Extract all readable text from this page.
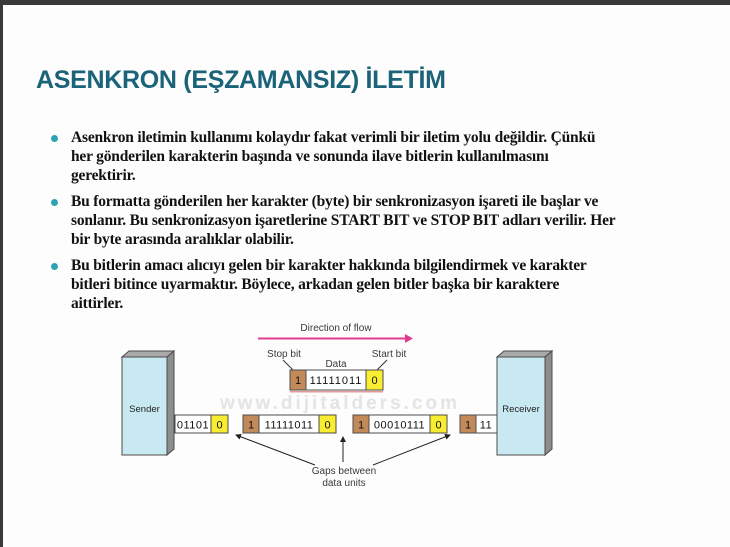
ASENKRON (EŞZAMANSIZ) İLETİM
Asenkron iletimin kullanımı kolaydır fakat verimli bir iletim yolu değildir. Çünkü
her gönderilen karakterin başında ve sonunda ilave bitlerin kullanılmasını
gerektirir.
Bu formatta gönderilen her karakter (byte) bir senkronizasyon işareti ile başlar ve
sonlanır. Bu senkronizasyon işaretlerine START BIT ve STOP BIT adları verilir. Her
bir byte arasında aralıklar olabilir.
Bu bitlerin amacı alıcıyı gelen bir karakter hakkında bilgilendirmek ve karakter
bitleri bitince uyarmaktır. Böylece, arkadan gelen bitler başka bir karaktere
aittirler.
www.dijitalders.com
Direction of flow
Stop bit
Data
Start bit
1 11111011 0
Sender
01101 0 1 11111011 0 1 00010111 0 1 11
Receiver
Gaps between
data units
